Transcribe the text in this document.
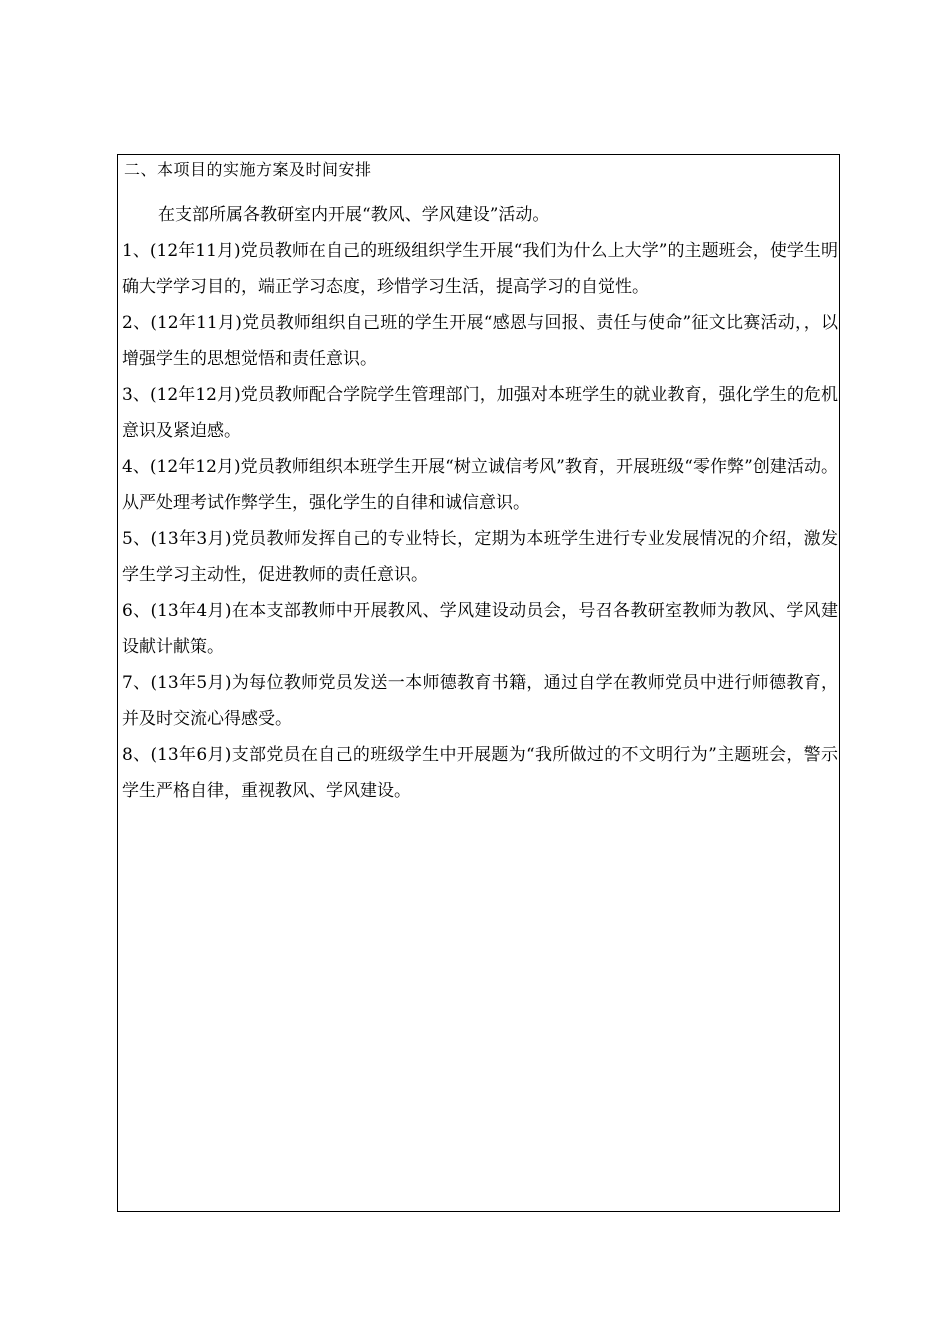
二、本项目的实施方案及时间安排

在支部所属各教研室内开展“教风、学风建设”活动。

1、(12年11月)党员教师在自己的班级组织学生开展“我们为什么上大学”的主题班会，使学生明确大学学习目的，端正学习态度，珍惜学习生活，提高学习的自觉性。

2、(12年11月)党员教师组织自己班的学生开展“感恩与回报、责任与使命”征文比赛活动，，以增强学生的思想觉悟和责任意识。

3、(12年12月)党员教师配合学院学生管理部门，加强对本班学生的就业教育，强化学生的危机意识及紧迫感。

4、(12年12月)党员教师组织本班学生开展“树立诚信考风”教育，开展班级“零作弊”创建活动。从严处理考试作弊学生，强化学生的自律和诚信意识。

5、(13年3月)党员教师发挥自己的专业特长，定期为本班学生进行专业发展情况的介绍，激发学生学习主动性，促进教师的责任意识。

6、(13年4月)在本支部教师中开展教风、学风建设动员会，号召各教研室教师为教风、学风建设献计献策。

7、(13年5月)为每位教师党员发送一本师德教育书籍，通过自学在教师党员中进行师德教育，并及时交流心得感受。

8、(13年6月)支部党员在自己的班级学生中开展题为“我所做过的不文明行为”主题班会，警示学生严格自律，重视教风、学风建设。
